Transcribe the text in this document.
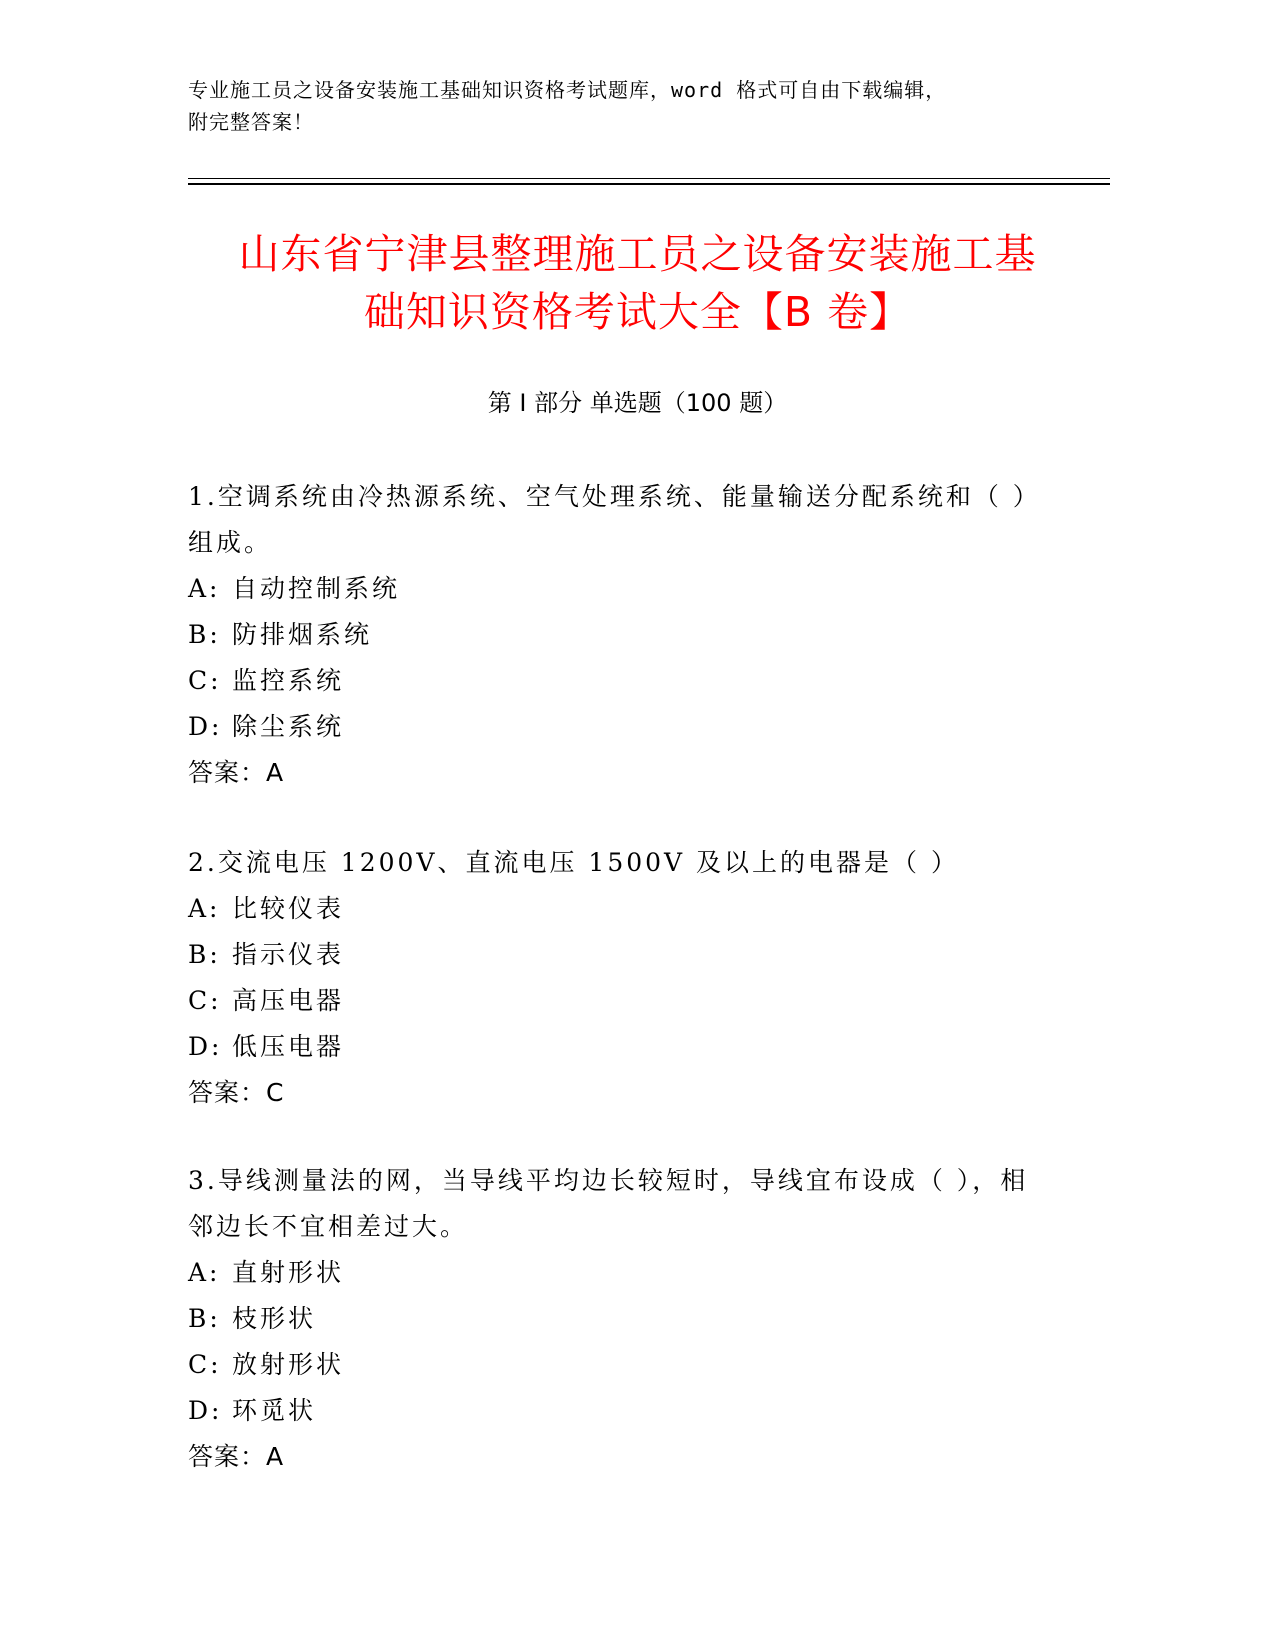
专业施工员之设备安装施工基础知识资格考试题库，word 格式可自由下载编辑，
附完整答案！
山东省宁津县整理施工员之设备安装施工基
础知识资格考试大全【B 卷】
第 I 部分 单选题（100 题）
1.空调系统由冷热源系统、空气处理系统、能量输送分配系统和（ ）
组成。
A: 自动控制系统
B: 防排烟系统
C: 监控系统
D: 除尘系统
答案：A
2.交流电压 1200V、直流电压 1500V 及以上的电器是（ ）
A: 比较仪表
B: 指示仪表
C: 高压电器
D: 低压电器
答案：C
3.导线测量法的网，当导线平均边长较短时，导线宜布设成（ ），相
邻边长不宜相差过大。
A: 直射形状
B: 枝形状
C: 放射形状
D: 环觅状
答案：A
